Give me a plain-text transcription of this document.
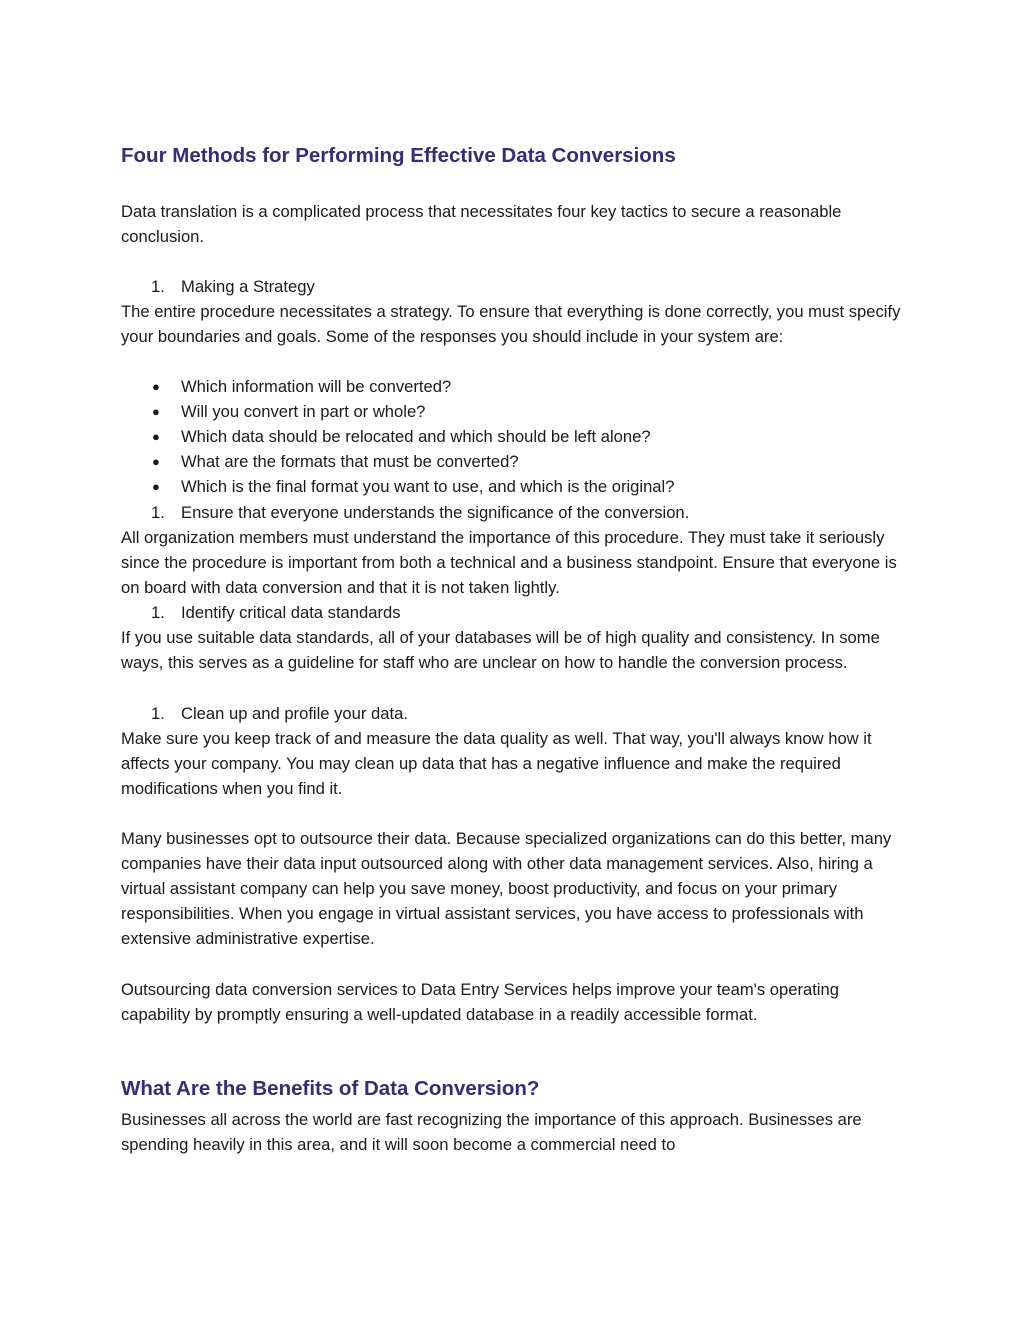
Four Methods for Performing Effective Data Conversions

Data translation is a complicated process that necessitates four key tactics to secure a reasonable conclusion.

1. Making a Strategy

The entire procedure necessitates a strategy. To ensure that everything is done correctly, you must specify your boundaries and goals. Some of the responses you should include in your system are:

● Which information will be converted?
● Will you convert in part or whole?
● Which data should be relocated and which should be left alone?
● What are the formats that must be converted?
● Which is the final format you want to use, and which is the original?
1. Ensure that everyone understands the significance of the conversion.

All organization members must understand the importance of this procedure. They must take it seriously since the procedure is important from both a technical and a business standpoint. Ensure that everyone is on board with data conversion and that it is not taken lightly.

1. Identify critical data standards

If you use suitable data standards, all of your databases will be of high quality and consistency. In some ways, this serves as a guideline for staff who are unclear on how to handle the conversion process.

1. Clean up and profile your data.

Make sure you keep track of and measure the data quality as well. That way, you'll always know how it affects your company. You may clean up data that has a negative influence and make the required modifications when you find it.

Many businesses opt to outsource their data. Because specialized organizations can do this better, many companies have their data input outsourced along with other data management services. Also, hiring a virtual assistant company can help you save money, boost productivity, and focus on your primary responsibilities. When you engage in virtual assistant services, you have access to professionals with extensive administrative expertise.

Outsourcing data conversion services to Data Entry Services helps improve your team's operating capability by promptly ensuring a well-updated database in a readily accessible format.

What Are the Benefits of Data Conversion?

Businesses all across the world are fast recognizing the importance of this approach. Businesses are spending heavily in this area, and it will soon become a commercial need to
